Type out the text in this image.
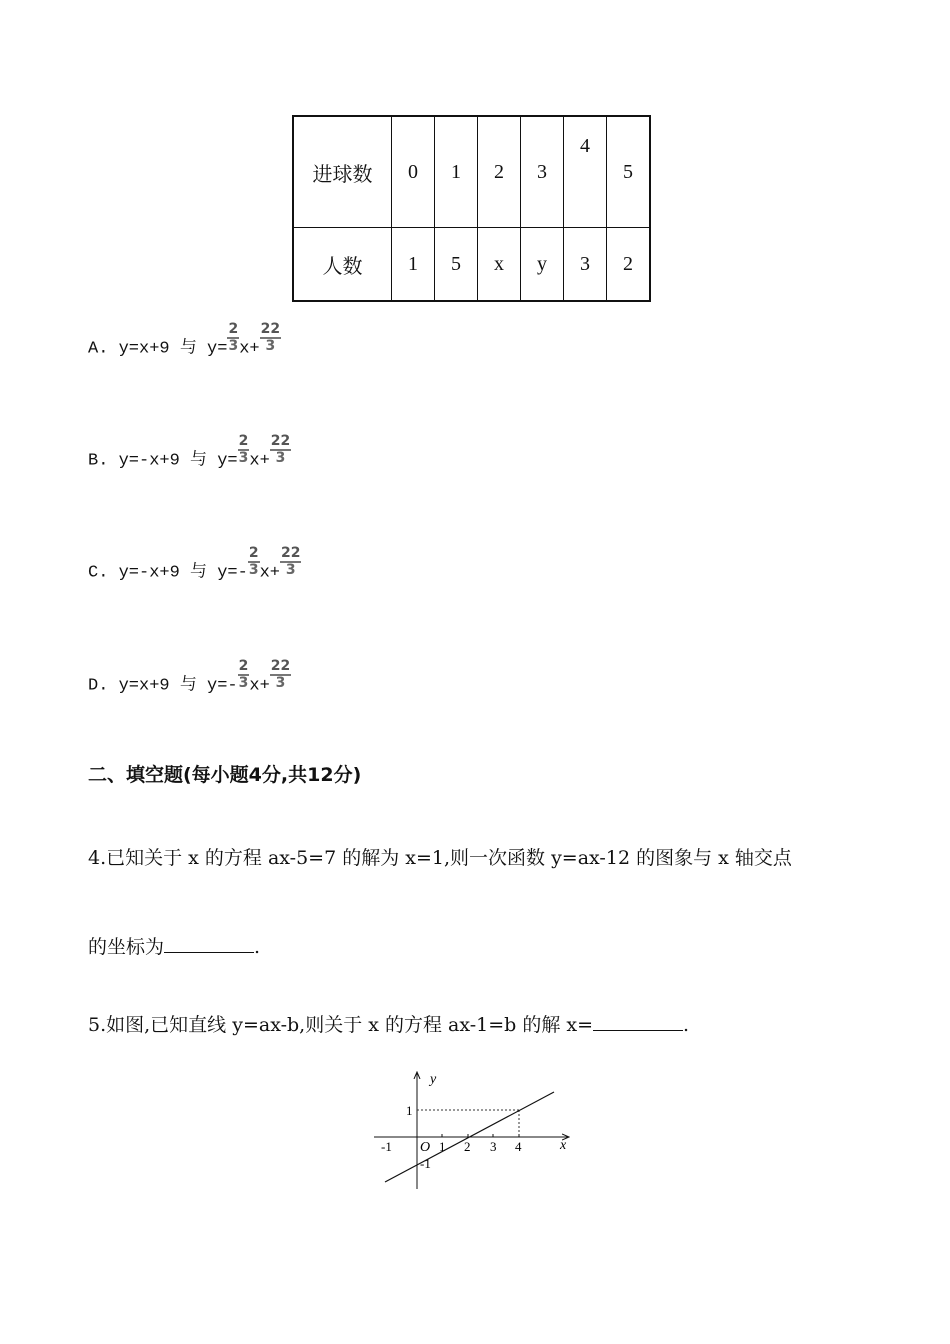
进球数	0	1	2	3	4	5
人数	1	5	x	y	3	2
A. y=x+9 与 $y= \frac{2}{3} x+ \frac{22}{3}$
B. y=-x+9 与 $y= \frac{2}{3} x+ \frac{22}{3}$
C. y=-x+9 与 $y=- \frac{2}{3} x+ \frac{22}{3}$
D. y=x+9 与 $y=- \frac{2}{3} x+ \frac{22}{3}$
二、填空题(每小题4分,共12分)
4.已知关于 x 的方程 ax-5=7 的解为 x=1,则一次函数 y=ax-12 的图象与 x 轴交点
的坐标为	.
5.如图,已知直线 y=ax-b,则关于 x 的方程 ax-1=b 的解 x=	.
y
x
O
-1	1 2 3 4
1
-1
